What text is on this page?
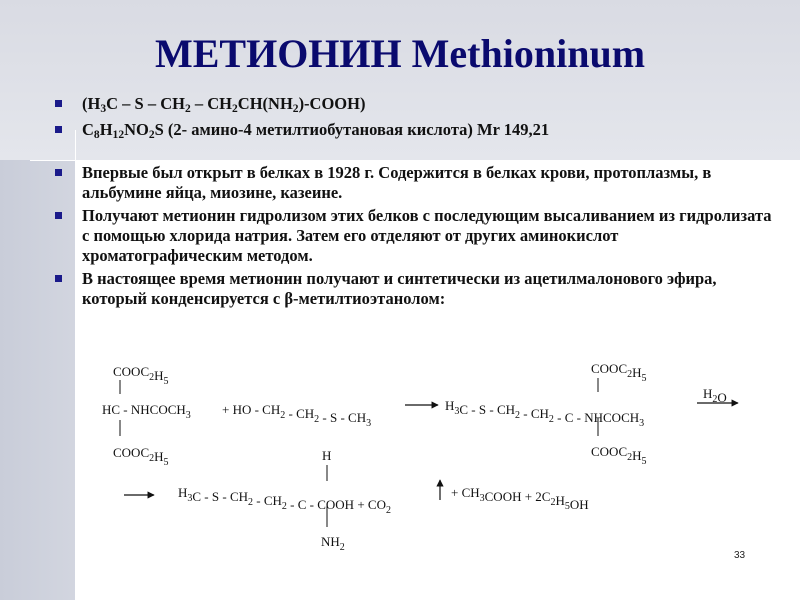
МЕТИОНИН Methioninum
($H_3C$ – S – $CH_2$ – $CH_2CH(NH_2)-COOH$)
$C_8H_{12}NO_2S$ (2- амино-4 метилтиобутановая кислота) Mr 149,21
Впервые был открыт в белках в 1928 г. Содержится в белках крови, протоплазмы, в альбумине яйца, миозине, казеине.
Получают метионин гидролизом этих белков с последующим высаливанием из гидролизата с помощью хлорида натрия. Затем его отделяют от других аминокислот хроматографическим методом.
В настоящее время метионин получают и синтетически из ацетилмалонового эфира, который конденсируется с β-метилтиоэтанолом:
$COOC_2H_5$
HC - $NHCOCH_3$
$COOC_2H_5$
+ HO - $CH_2 - CH_2$ - S - $CH_3$
$COOC_2H_5$
$H_3C$ - S - $CH_2 - CH_2$ - C - $NHCOCH_3$
$COOC_2H_5$
$H_2O$
H
$H_3C$ - S - $CH_2 - CH_2$ - C - COOH + $CO_2$
$NH_2$
+ $CH_3COOH + 2C_2H_5OH$
33
